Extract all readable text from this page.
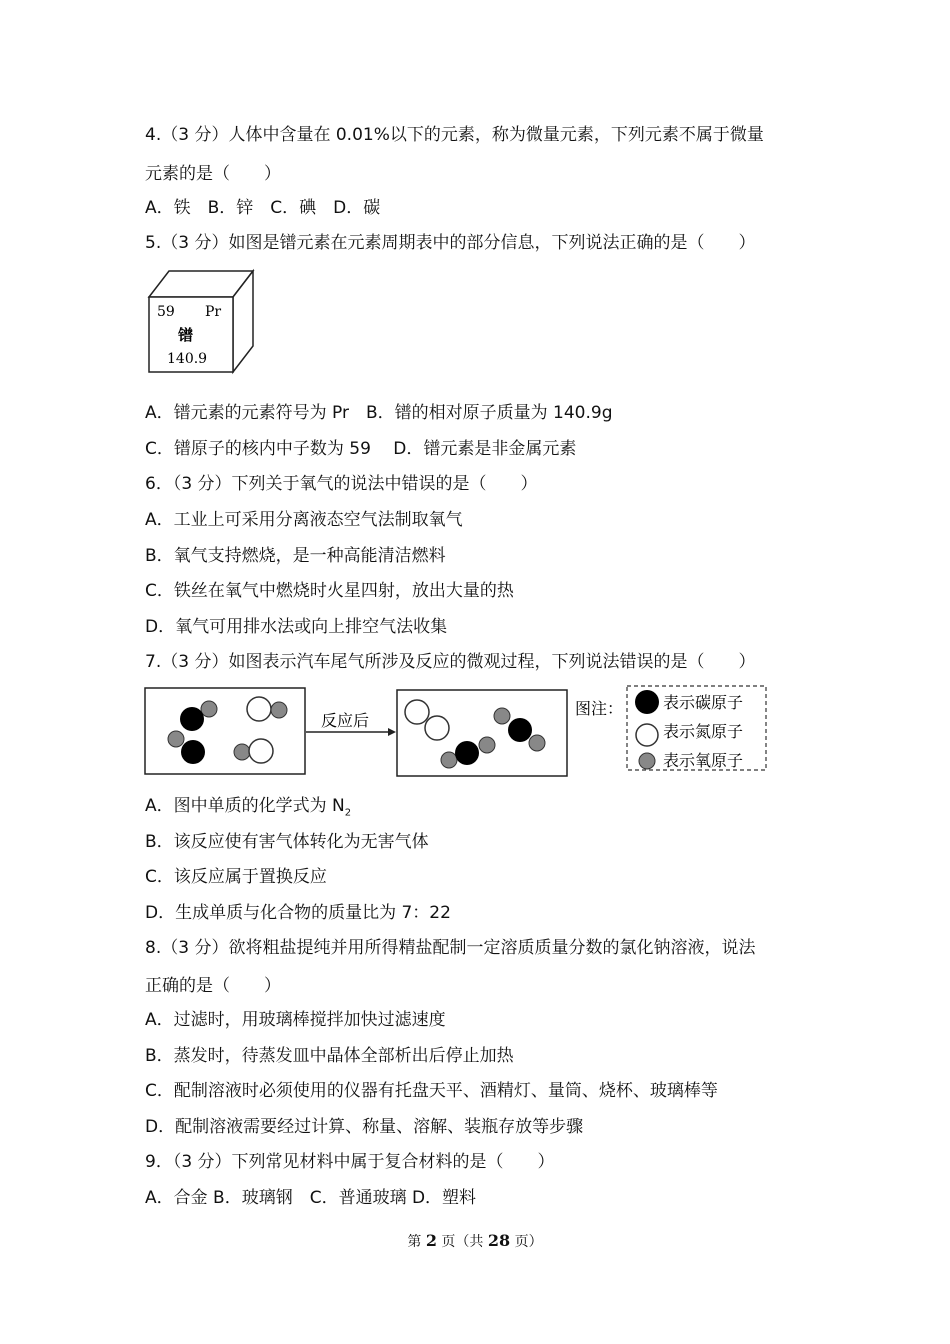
4.（3 分）人体中含量在 0.01%以下的元素，称为微量元素，下列元素不属于微量
元素的是（　　）
A．铁　B．锌　C．碘　D．碳
5.（3 分）如图是镨元素在元素周期表中的部分信息，下列说法正确的是（　　）
59 Pr
镨
140.9
A．镨元素的元素符号为 Pr　B．镨的相对原子质量为 140.9g
C．镨原子的核内中子数为 59　 D．镨元素是非金属元素
6．（3 分）下列关于氧气的说法中错误的是（　　）
A．工业上可采用分离液态空气法制取氧气
B．氧气支持燃烧，是一种高能清洁燃料
C．铁丝在氧气中燃烧时火星四射，放出大量的热
D．氧气可用排水法或向上排空气法收集
7.（3 分）如图表示汽车尾气所涉及反应的微观过程，下列说法错误的是（　　）
反应后
图注： 表示碳原子
表示氮原子
表示氧原子
A．图中单质的化学式为 $N_2$
B．该反应使有害气体转化为无害气体
C．该反应属于置换反应
D．生成单质与化合物的质量比为 7：22
8.（3 分）欲将粗盐提纯并用所得精盐配制一定溶质质量分数的氯化钠溶液，说法
正确的是（　　）
A．过滤时，用玻璃棒搅拌加快过滤速度
B．蒸发时，待蒸发皿中晶体全部析出后停止加热
C．配制溶液时必须使用的仪器有托盘天平、酒精灯、量筒、烧杯、玻璃棒等
D．配制溶液需要经过计算、称量、溶解、装瓶存放等步骤
9．（3 分）下列常见材料中属于复合材料的是（　　）
A．合金 B．玻璃钢　C．普通玻璃 D．塑料
第 2 页（共 28 页）
